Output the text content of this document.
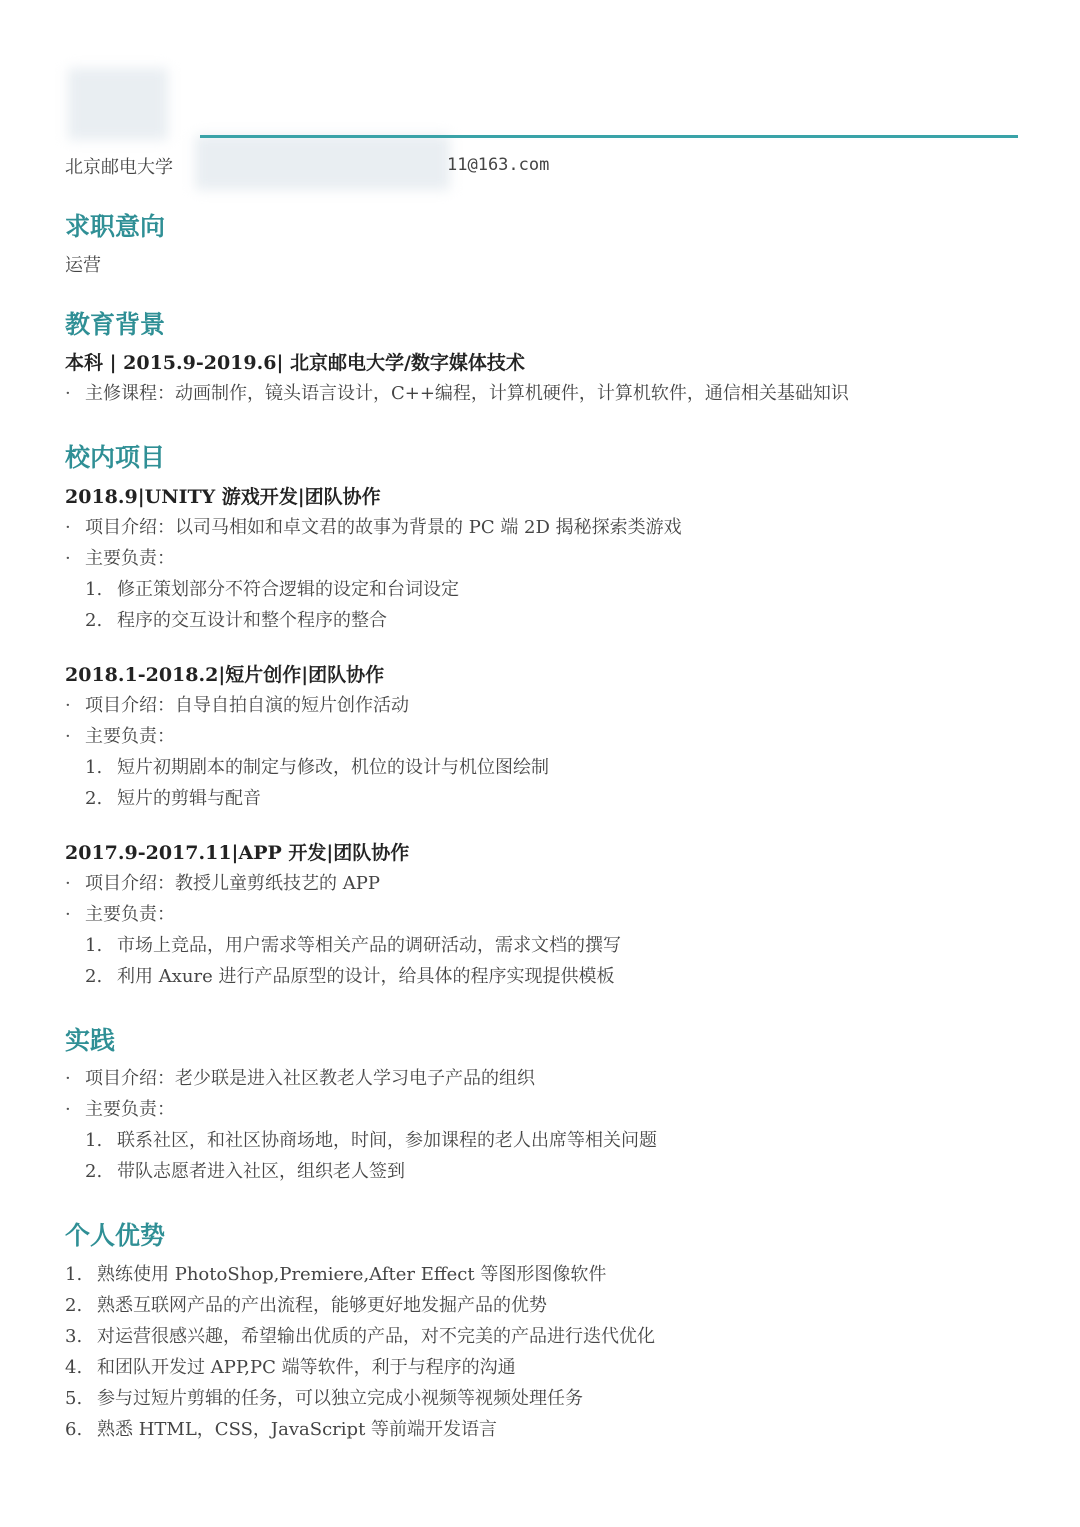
北京邮电大学	11@163.com
求职意向
运营
教育背景
本科 | 2015.9-2019.6| 北京邮电大学/数字媒体技术
· 主修课程：动画制作，镜头语言设计，C++编程，计算机硬件，计算机软件，通信相关基础知识
校内项目
2018.9|UNITY 游戏开发|团队协作
· 项目介绍：以司马相如和卓文君的故事为背景的 PC 端 2D 揭秘探索类游戏
· 主要负责：
1. 修正策划部分不符合逻辑的设定和台词设定
2. 程序的交互设计和整个程序的整合
2018.1-2018.2|短片创作|团队协作
· 项目介绍：自导自拍自演的短片创作活动
· 主要负责：
1. 短片初期剧本的制定与修改，机位的设计与机位图绘制
2. 短片的剪辑与配音
2017.9-2017.11|APP 开发|团队协作
· 项目介绍：教授儿童剪纸技艺的 APP
· 主要负责：
1. 市场上竞品，用户需求等相关产品的调研活动，需求文档的撰写
2. 利用 Axure 进行产品原型的设计，给具体的程序实现提供模板
实践
· 项目介绍：老少联是进入社区教老人学习电子产品的组织
· 主要负责：
1. 联系社区，和社区协商场地，时间，参加课程的老人出席等相关问题
2. 带队志愿者进入社区，组织老人签到
个人优势
1. 熟练使用 PhotoShop,Premiere,After Effect 等图形图像软件
2. 熟悉互联网产品的产出流程，能够更好地发掘产品的优势
3. 对运营很感兴趣，希望输出优质的产品，对不完美的产品进行迭代优化
4. 和团队开发过 APP,PC 端等软件，利于与程序的沟通
5. 参与过短片剪辑的任务，可以独立完成小视频等视频处理任务
6. 熟悉 HTML，CSS，JavaScript 等前端开发语言
